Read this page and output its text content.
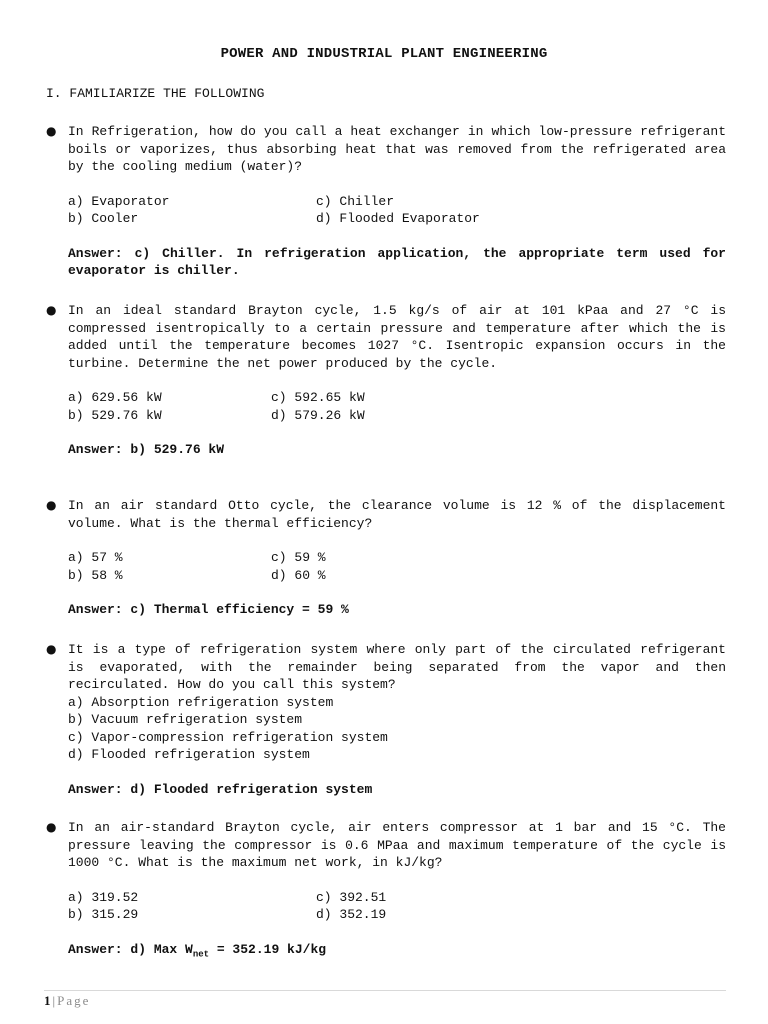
POWER AND INDUSTRIAL PLANT ENGINEERING
I. FAMILIARIZE THE FOLLOWING
● In Refrigeration, how do you call a heat exchanger in which low-pressure refrigerant boils or vaporizes, thus absorbing heat that was removed from the refrigerated area by the cooling medium (water)?

a) Evaporator	c) Chiller
b) Cooler	d) Flooded Evaporator
Answer: c) Chiller. In refrigeration application, the appropriate term used for evaporator is chiller.
● In an ideal standard Brayton cycle, 1.5 kg/s of air at 101 kPaa and 27 °C is compressed isentropically to a certain pressure and temperature after which the is added until the temperature becomes 1027 °C. Isentropic expansion occurs in the turbine. Determine the net power produced by the cycle.

a) 629.56 kW	c) 592.65 kW
b) 529.76 kW	d) 579.26 kW
Answer: b) 529.76 kW
● In an air standard Otto cycle, the clearance volume is 12 % of the displacement volume. What is the thermal efficiency?

a) 57 %	c) 59 %
b) 58 %	d) 60 %
Answer: c) Thermal efficiency = 59 %
● It is a type of refrigeration system where only part of the circulated refrigerant is evaporated, with the remainder being separated from the vapor and then recirculated. How do you call this system?

a) Absorption refrigeration system
b) Vacuum refrigeration system
c) Vapor-compression refrigeration system
d) Flooded refrigeration system
Answer: d) Flooded refrigeration system
● In an air-standard Brayton cycle, air enters compressor at 1 bar and 15 °C. The pressure leaving the compressor is 0.6 MPaa and maximum temperature of the cycle is 1000 °C. What is the maximum net work, in kJ/kg?

a) 319.52	c) 392.51
b) 315.29	d) 352.19
Answer: d) Max $W_{net} = 352.19$ kJ/kg
1 | Page
